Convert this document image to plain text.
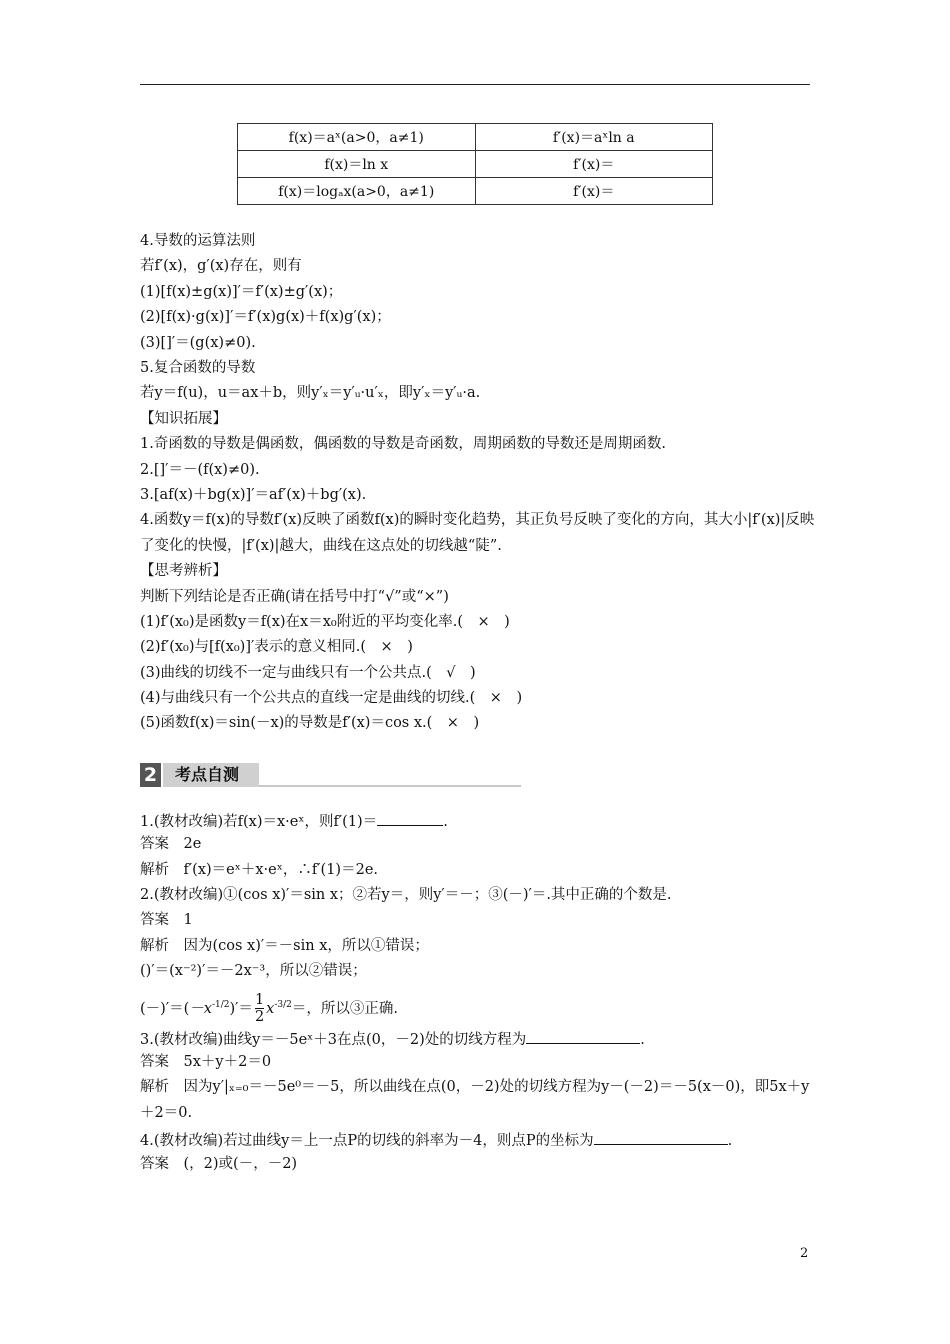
f(x)＝aˣ(a>0，a≠1)	f′(x)＝aˣln a
f(x)＝ln x	f′(x)＝
f(x)＝logₐx(a>0，a≠1)	f′(x)＝
4.导数的运算法则
若f′(x)，g′(x)存在，则有
(1)[f(x)±g(x)]′＝f′(x)±g′(x)；
(2)[f(x)·g(x)]′＝f′(x)g(x)＋f(x)g′(x)；
(3)[]′＝(g(x)≠0).
5.复合函数的导数
若y＝f(u)，u＝ax＋b，则y′ₓ＝y′ᵤ·u′ₓ，即y′ₓ＝y′ᵤ·a.
【知识拓展】
1.奇函数的导数是偶函数，偶函数的导数是奇函数，周期函数的导数还是周期函数.
2.[]′＝－(f(x)≠0).
3.[af(x)＋bg(x)]′＝af′(x)＋bg′(x).
4.函数y＝f(x)的导数f′(x)反映了函数f(x)的瞬时变化趋势，其正负号反映了变化的方向，其大小|f′(x)|反映了变化的快慢，|f′(x)|越大，曲线在这点处的切线越“陡”.
【思考辨析】
判断下列结论是否正确(请在括号中打“√”或“×”)
(1)f′(x₀)是函数y＝f(x)在x＝x₀附近的平均变化率.(　×　)
(2)f′(x₀)与[f(x₀)]′表示的意义相同.(　×　)
(3)曲线的切线不一定与曲线只有一个公共点.(　√　)
(4)与曲线只有一个公共点的直线一定是曲线的切线.(　×　)
(5)函数f(x)＝sin(－x)的导数是f′(x)＝cos x.(　×　)
2	考点自测
1.(教材改编)若f(x)＝x·eˣ，则f′(1)＝	.
答案　2e
解析　f′(x)＝eˣ＋x·eˣ，∴f′(1)＝2e.
2.(教材改编)①(cos x)′＝sin x；②若y＝，则y′＝－；③(－)′＝.其中正确的个数是.
答案　1
解析　因为(cos x)′＝－sin x，所以①错误；
()′＝(x⁻²)′＝－2x⁻³，所以②错误；
$(-)'=(-x^{-1/2})'= \frac{1}{2} x^{-3/2}=$，所以③正确.
3.(教材改编)曲线y＝－5eˣ＋3在点(0，－2)处的切线方程为	.
答案　5x＋y＋2＝0
解析　因为y′|ₓ₌₀＝－5e⁰＝－5，所以曲线在点(0，－2)处的切线方程为y－(－2)＝－5(x－0)，即5x＋y＋2＝0.
4.(教材改编)若过曲线y＝上一点P的切线的斜率为－4，则点P的坐标为	.
答案　(，2)或(－，－2)
2
